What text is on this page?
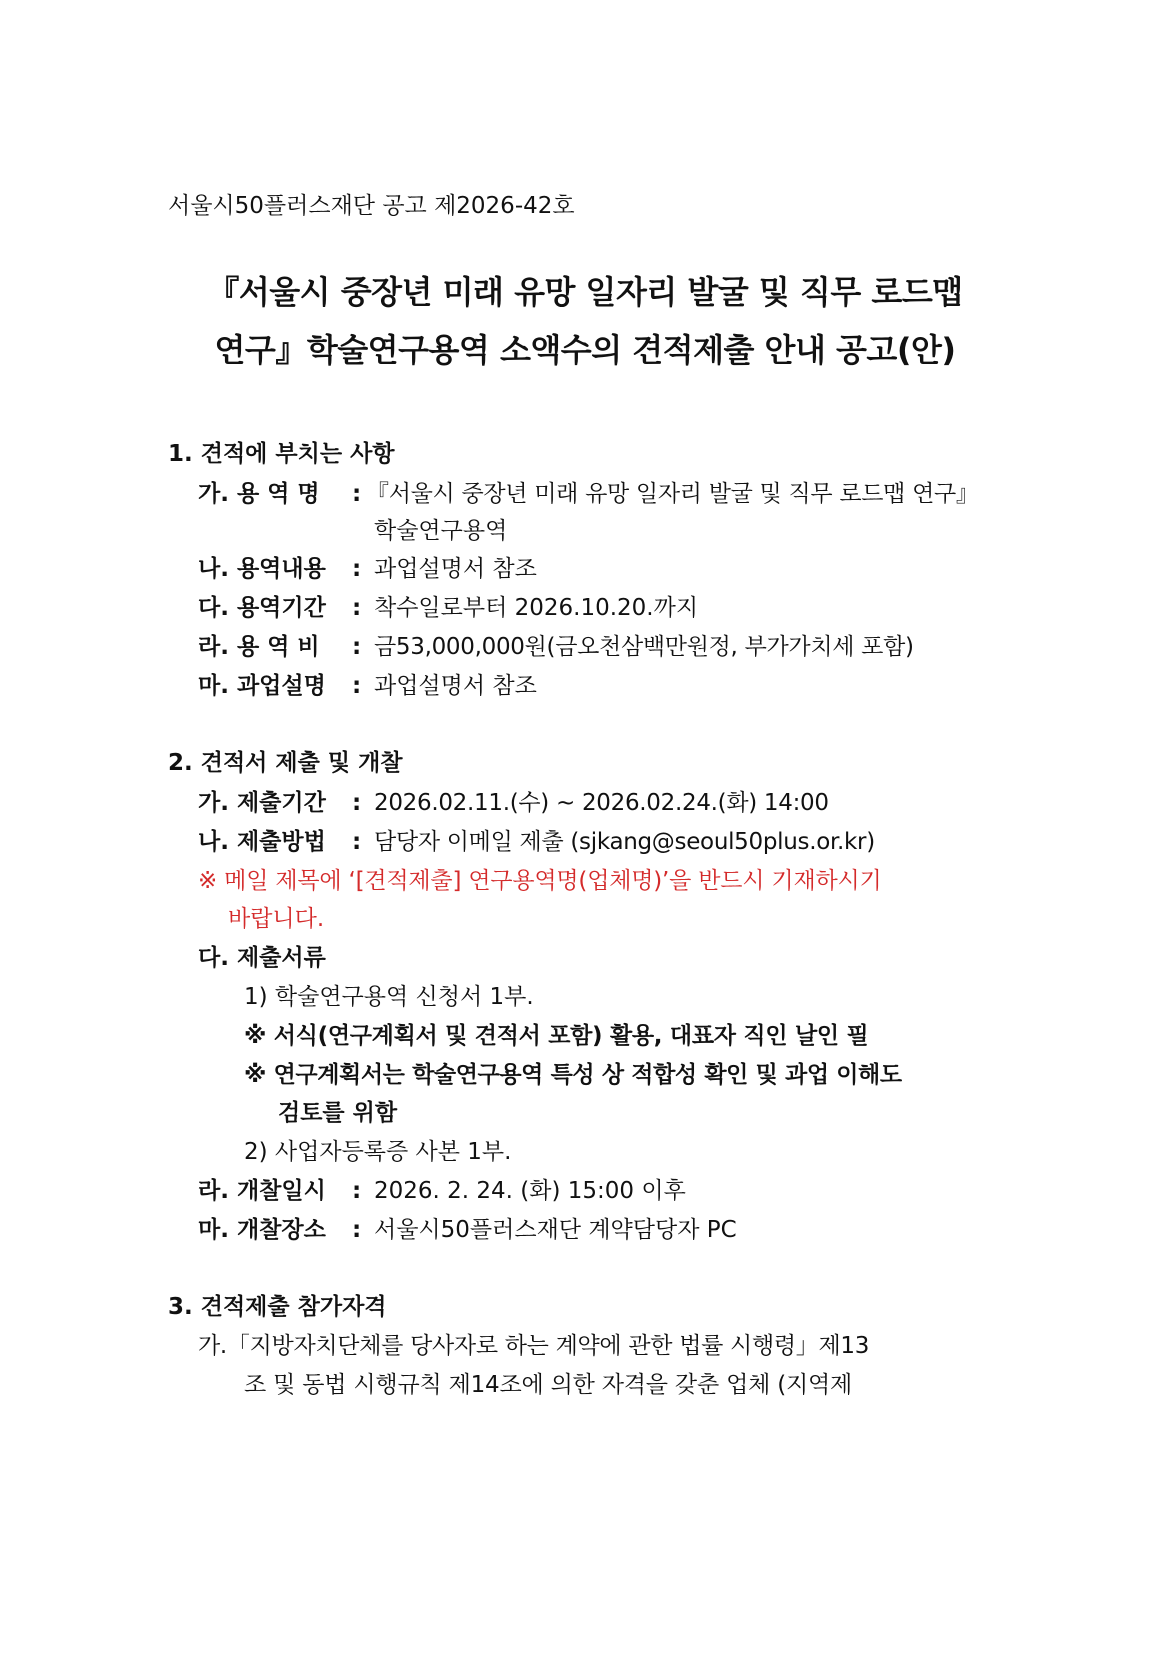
서울시50플러스재단 공고 제2026-42호
『서울시 중장년 미래 유망 일자리 발굴 및 직무 로드맵
연구』학술연구용역 소액수의 견적제출 안내 공고(안)
1. 견적에 부치는 사항
가. 용 역 명 : 『서울시 중장년 미래 유망 일자리 발굴 및 직무 로드맵 연구』
학술연구용역
나. 용역내용 : 과업설명서 참조
다. 용역기간 : 착수일로부터 2026.10.20.까지
라. 용 역 비 : 금53,000,000원(금오천삼백만원정, 부가가치세 포함)
마. 과업설명 : 과업설명서 참조
2. 견적서 제출 및 개찰
가. 제출기간 : 2026.02.11.(수) ~ 2026.02.24.(화) 14:00
나. 제출방법 : 담당자 이메일 제출 (sjkang@seoul50plus.or.kr)
※ 메일 제목에 ‘[견적제출] 연구용역명(업체명)’을 반드시 기재하시기
바랍니다.
다. 제출서류
1) 학술연구용역 신청서 1부.
※ 서식(연구계획서 및 견적서 포함) 활용, 대표자 직인 날인 필
※ 연구계획서는 학술연구용역 특성 상 적합성 확인 및 과업 이해도
검토를 위함
2) 사업자등록증 사본 1부.
라. 개찰일시 : 2026. 2. 24. (화) 15:00 이후
마. 개찰장소 : 서울시50플러스재단 계약담당자 PC
3. 견적제출 참가자격
가.「지방자치단체를 당사자로 하는 계약에 관한 법률 시행령」제13
조 및 동법 시행규칙 제14조에 의한 자격을 갖춘 업체 (지역제
